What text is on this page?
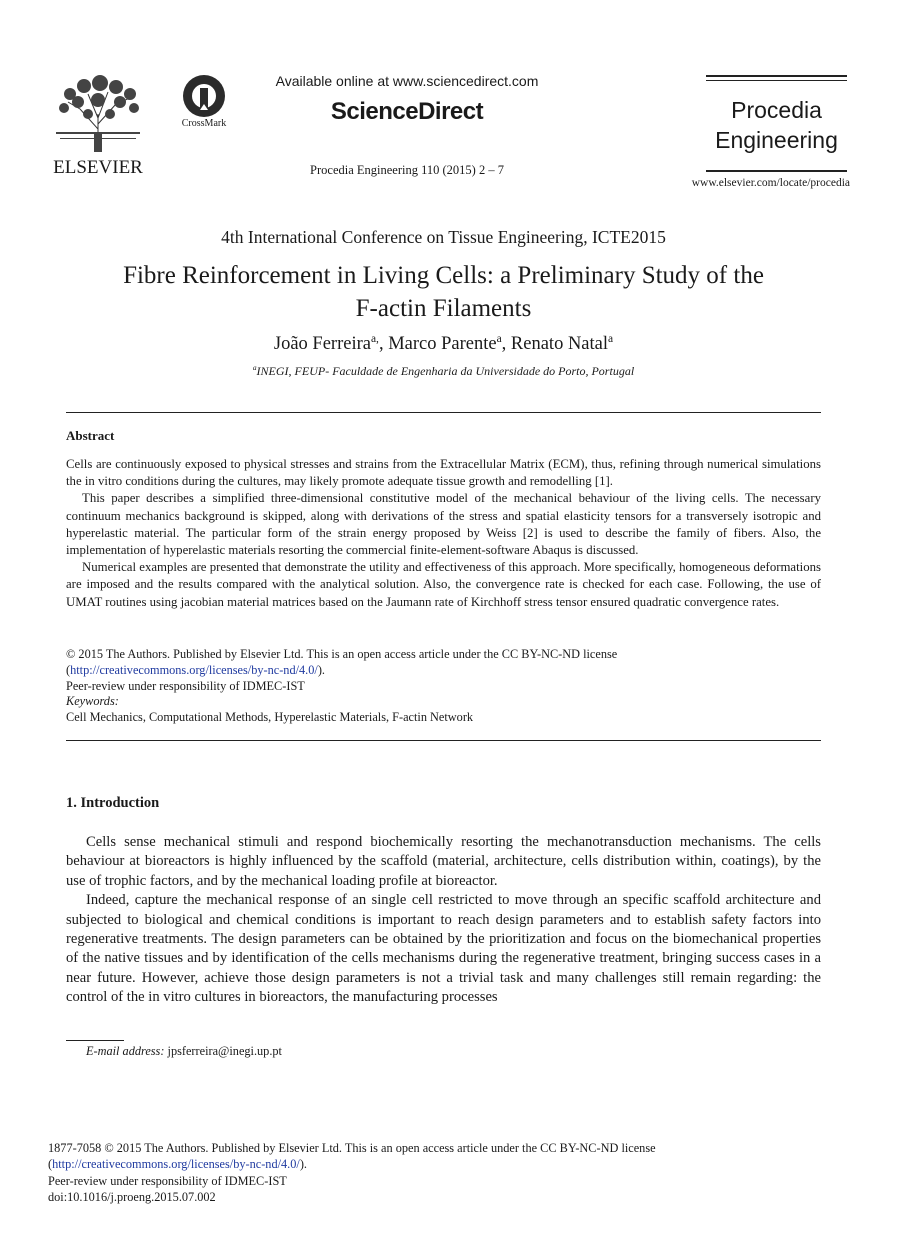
ELSEVIER
CrossMark
Available online at www.sciencedirect.com
ScienceDirect
Procedia Engineering 110 (2015) 2 – 7
Procedia
Engineering
www.elsevier.com/locate/procedia
4th International Conference on Tissue Engineering, ICTE2015
Fibre Reinforcement in Living Cells: a Preliminary Study of the
F-actin Filaments
João Ferreira$^{a,}$, Marco Parente$^a$, Renato Natal$^a$
$^a$INEGI, FEUP- Faculdade de Engenharia da Universidade do Porto, Portugal
Abstract

Cells are continuously exposed to physical stresses and strains from the Extracellular Matrix (ECM), thus, refining through numerical simulations the in vitro conditions during the cultures, may likely promote adequate tissue growth and remodelling [1].

This paper describes a simplified three-dimensional constitutive model of the mechanical behaviour of the living cells. The necessary continuum mechanics background is skipped, along with derivations of the stress and spatial elasticity tensors for a transversely isotropic and hyperelastic material. The particular form of the strain energy proposed by Weiss [2] is used to describe the family of fibers. Also, the implementation of hyperelastic materials resorting the commercial finite-element-software Abaqus is discussed.

Numerical examples are presented that demonstrate the utility and effectiveness of this approach. More specifically, homogeneous deformations are imposed and the results compared with the analytical solution. Also, the convergence rate is checked for each case. Following, the use of UMAT routines using jacobian material matrices based on the Jaumann rate of Kirchhoff stress tensor ensured quadratic convergence rates.

© 2015 The Authors. Published by Elsevier Ltd. This is an open access article under the CC BY-NC-ND license
(http://creativecommons.org/licenses/by-nc-nd/4.0/).
Peer-review under responsibility of IDMEC-IST
Keywords:
Cell Mechanics, Computational Methods, Hyperelastic Materials, F-actin Network
1. Introduction

Cells sense mechanical stimuli and respond biochemically resorting the mechanotransduction mechanisms. The cells behaviour at bioreactors is highly influenced by the scaffold (material, architecture, cells distribution within, coatings), by the use of trophic factors, and by the mechanical loading profile at bioreactor.

Indeed, capture the mechanical response of an single cell restricted to move through an specific scaffold architecture and subjected to biological and chemical conditions is important to reach design parameters and to establish safety factors into regenerative treatments. The design parameters can be obtained by the prioritization and focus on the biomechanical properties of the native tissues and by identification of the cells mechanisms during the regenerative treatment, bringing success cases in a near future. However, achieve those design parameters is not a trivial task and many challenges still remain regarding: the control of the in vitro cultures in bioreactors, the manufacturing processes

E-mail address: jpsferreira@inegi.up.pt
1877-7058 © 2015 The Authors. Published by Elsevier Ltd. This is an open access article under the CC BY-NC-ND license
(http://creativecommons.org/licenses/by-nc-nd/4.0/).
Peer-review under responsibility of IDMEC-IST
doi:10.1016/j.proeng.2015.07.002
